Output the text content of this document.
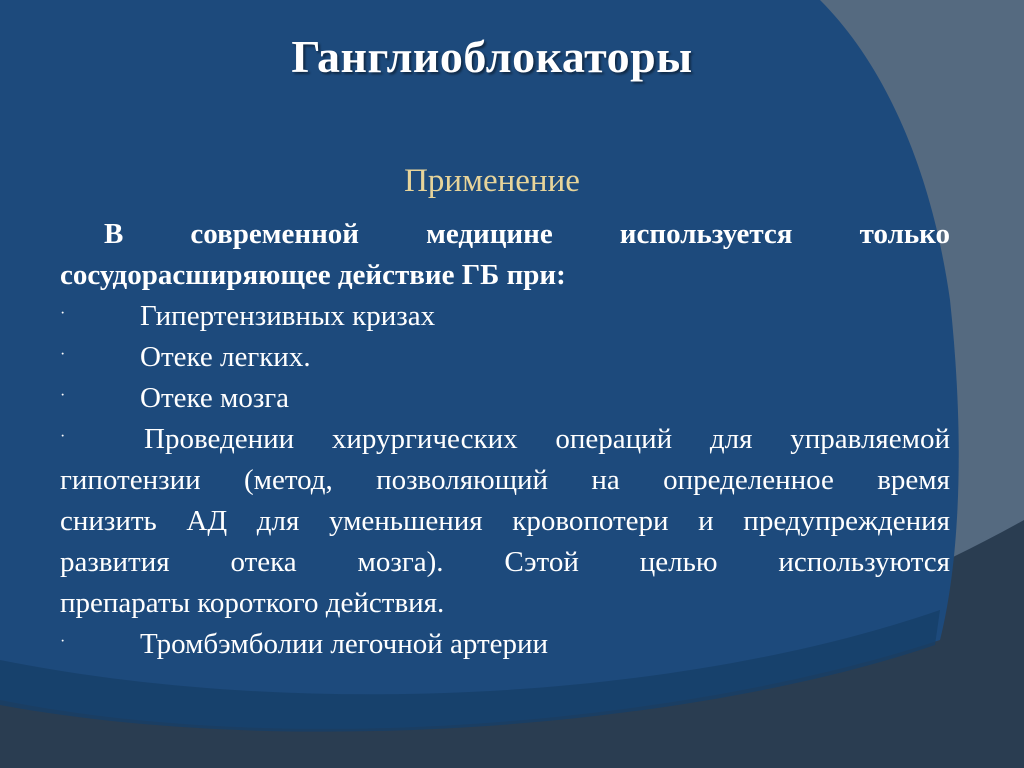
Ганглиоблокаторы
Применение
В современной медицине используется только
сосудорасширяющее действие ГБ при:
·	Гипертензивных кризах
·	Отеке легких.
·	Отеке мозга
·	Проведении хирургических операций для управляемой
гипотензии (метод, позволяющий на определенное время
снизить АД для уменьшения кровопотери и предупреждения
развития отека мозга). Сэтой целью используются
препараты короткого действия.
·	Тромбэмболии легочной артерии
